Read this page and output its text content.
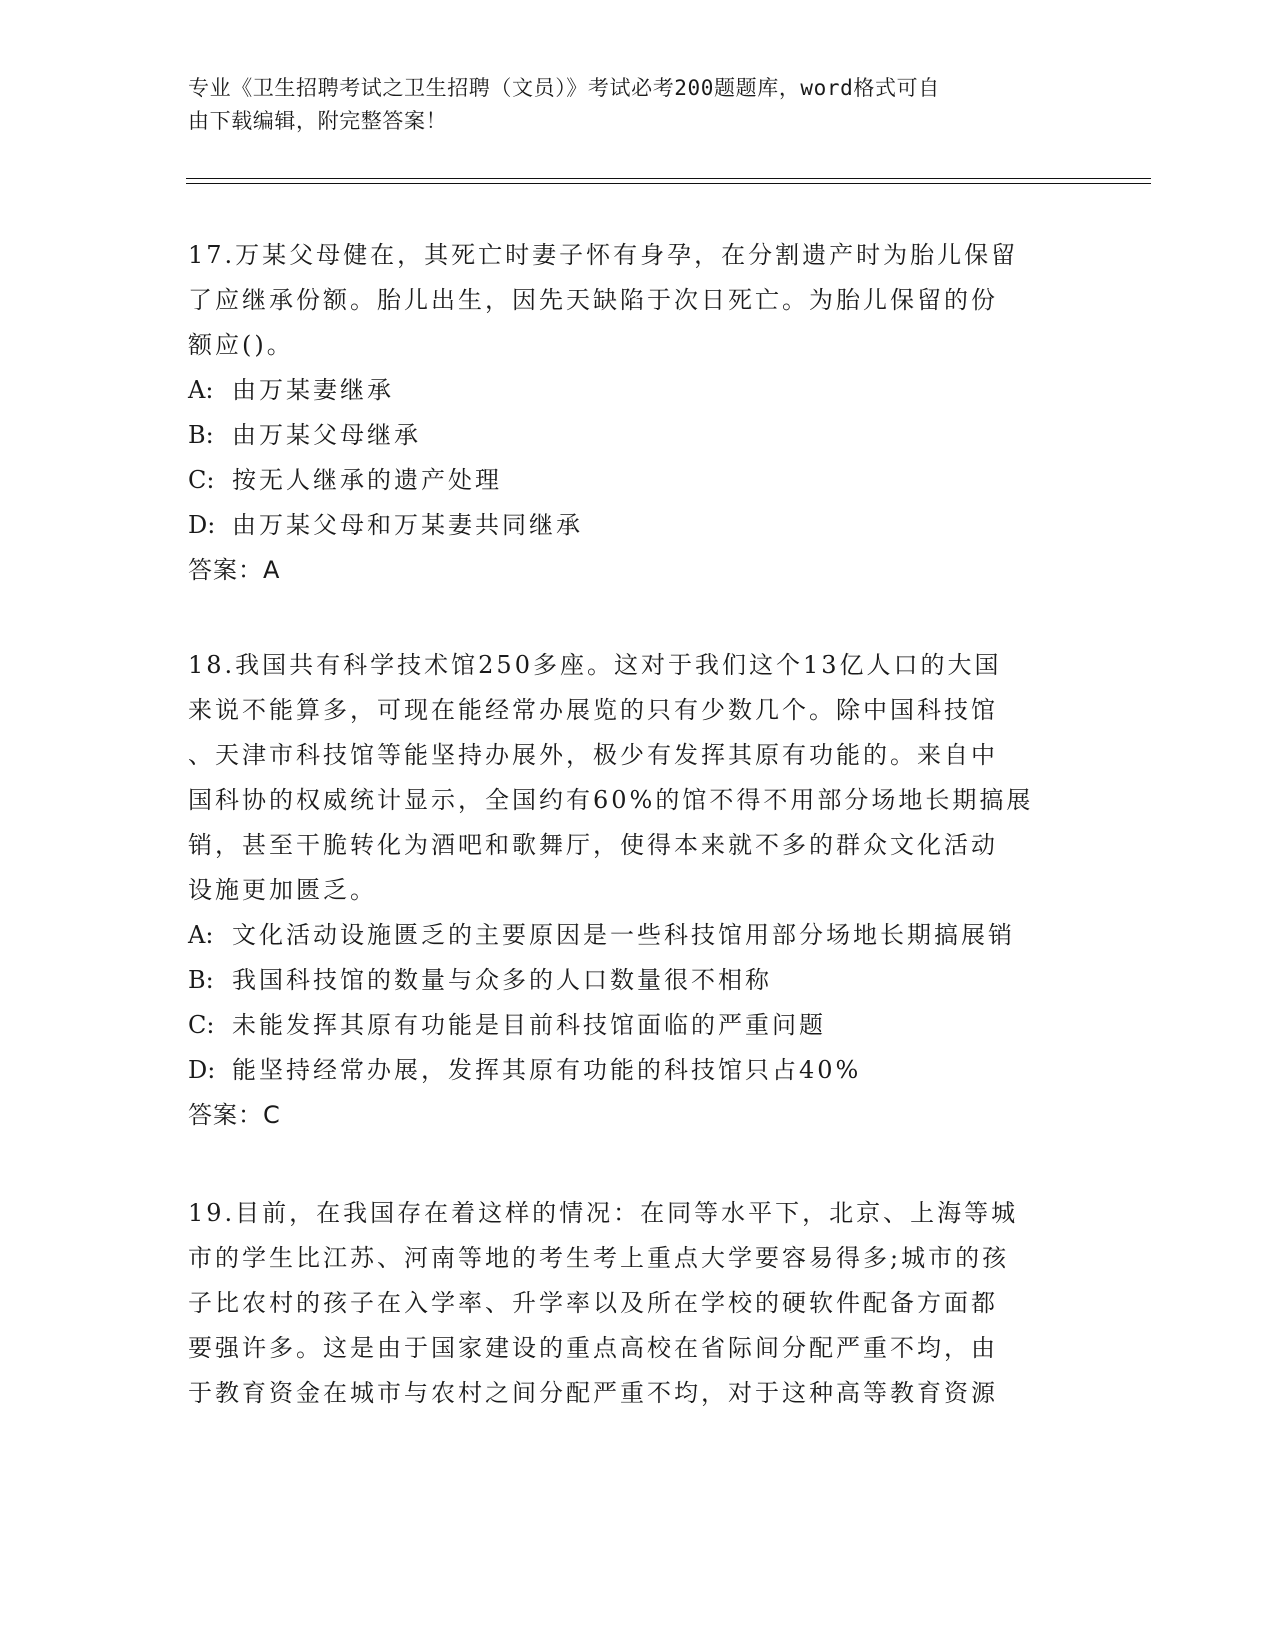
专业《卫生招聘考试之卫生招聘（文员）》考试必考200题题库，word格式可自
由下载编辑，附完整答案！

17.万某父母健在，其死亡时妻子怀有身孕，在分割遗产时为胎儿保留

了应继承份额。胎儿出生，因先天缺陷于次日死亡。为胎儿保留的份

额应()。

A: 由万某妻继承

B: 由万某父母继承

C: 按无人继承的遗产处理

D: 由万某父母和万某妻共同继承

答案：A

18.我国共有科学技术馆250多座。这对于我们这个13亿人口的大国

来说不能算多，可现在能经常办展览的只有少数几个。除中国科技馆

、天津市科技馆等能坚持办展外，极少有发挥其原有功能的。来自中

国科协的权威统计显示，全国约有60%的馆不得不用部分场地长期搞展

销，甚至干脆转化为酒吧和歌舞厅，使得本来就不多的群众文化活动

设施更加匮乏。

A: 文化活动设施匮乏的主要原因是一些科技馆用部分场地长期搞展销

B: 我国科技馆的数量与众多的人口数量很不相称

C: 未能发挥其原有功能是目前科技馆面临的严重问题

D: 能坚持经常办展，发挥其原有功能的科技馆只占40%

答案：C

19.目前，在我国存在着这样的情况：在同等水平下，北京、上海等城

市的学生比江苏、河南等地的考生考上重点大学要容易得多;城市的孩

子比农村的孩子在入学率、升学率以及所在学校的硬软件配备方面都

要强许多。这是由于国家建设的重点高校在省际间分配严重不均，由

于教育资金在城市与农村之间分配严重不均，对于这种高等教育资源
